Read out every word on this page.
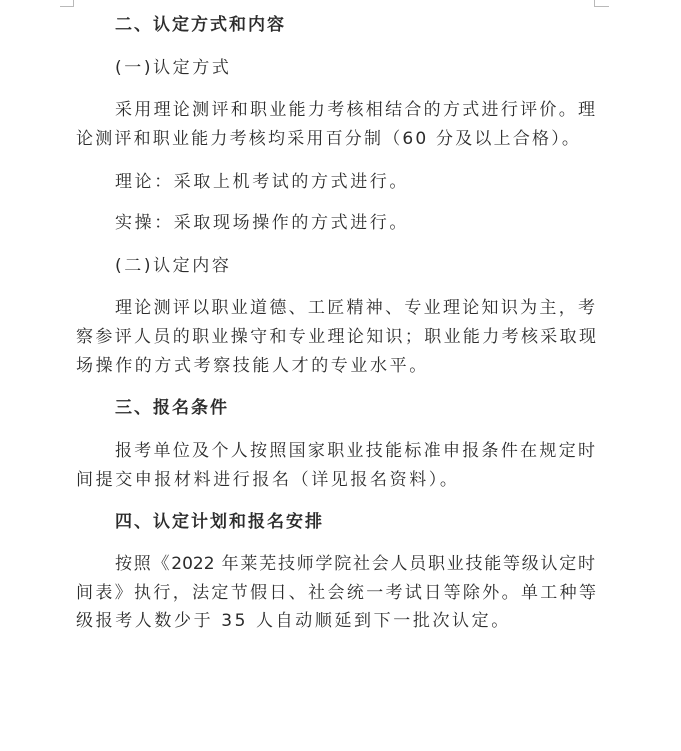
二、认定方式和内容
(一)认定方式
采用理论测评和职业能力考核相结合的方式进行评价。理
论测评和职业能力考核均采用百分制（60 分及以上合格）。
理论：采取上机考试的方式进行。
实操：采取现场操作的方式进行。
(二)认定内容
理论测评以职业道德、工匠精神、专业理论知识为主，考
察参评人员的职业操守和专业理论知识；职业能力考核采取现
场操作的方式考察技能人才的专业水平。
三、报名条件
报考单位及个人按照国家职业技能标准申报条件在规定时
间提交申报材料进行报名（详见报名资料）。
四、认定计划和报名安排
按照《2022 年莱芜技师学院社会人员职业技能等级认定时
间表》执行，法定节假日、社会统一考试日等除外。单工种等
级报考人数少于 35 人自动顺延到下一批次认定。
